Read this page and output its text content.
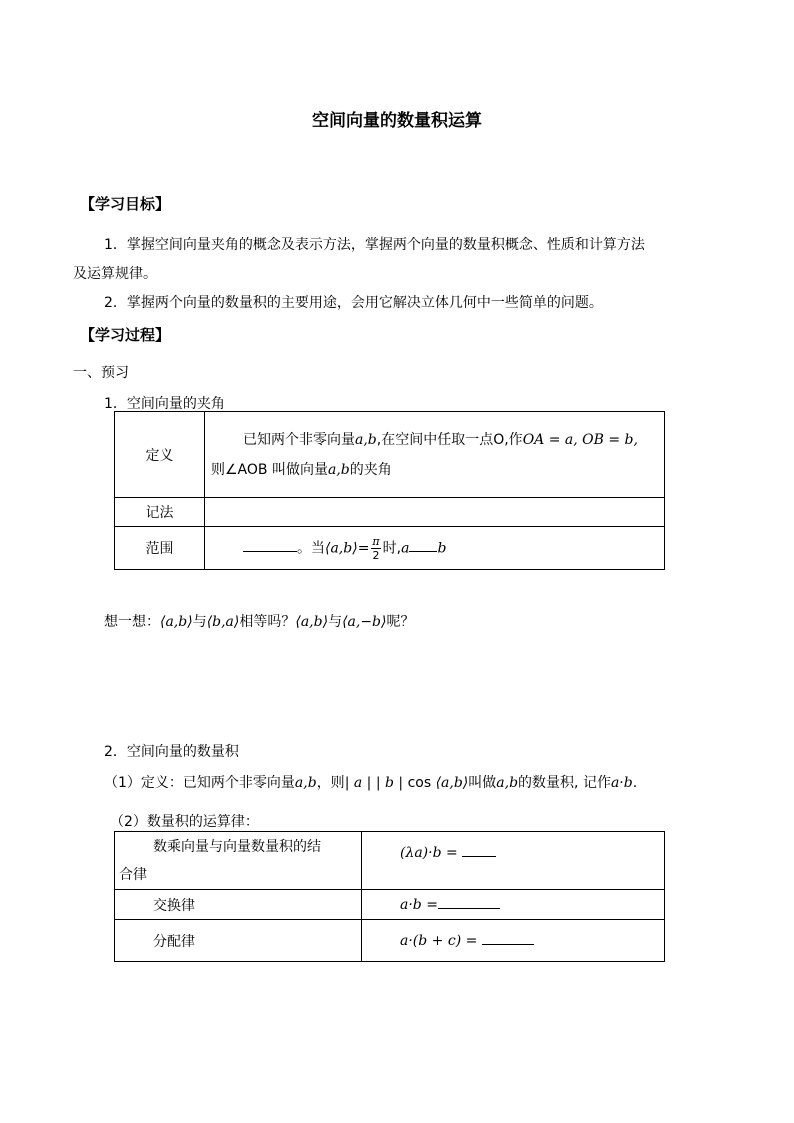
空间向量的数量积运算
【学习目标】
1．掌握空间向量夹角的概念及表示方法，掌握两个向量的数量积概念、性质和计算方法
及运算规律。
2．掌握两个向量的数量积的主要用途，会用它解决立体几何中一些简单的问题。
【学习过程】
一、预习
1．空间向量的夹角
定义	已知两个非零向量a,b,在空间中任取一点O,作OA = a, OB = b,
则∠AOB 叫做向量a,b的夹角

记法	
范围	。当⟨a,b⟩= $\frac{\pi}{2}$ 时,a b
想一想：⟨a,b⟩与⟨b,a⟩相等吗？⟨a,b⟩与⟨a,−b⟩呢？
2．空间向量的数量积
（1）定义：已知两个非零向量a,b，则| a | | b | cos ⟨a,b⟩叫做a,b的数量积, 记作a·b.
（2）数量积的运算律：
数乘向量与向量数量积的结
合律	(λa)·b =
交换律	a·b =
分配律	a·(b + c) =
